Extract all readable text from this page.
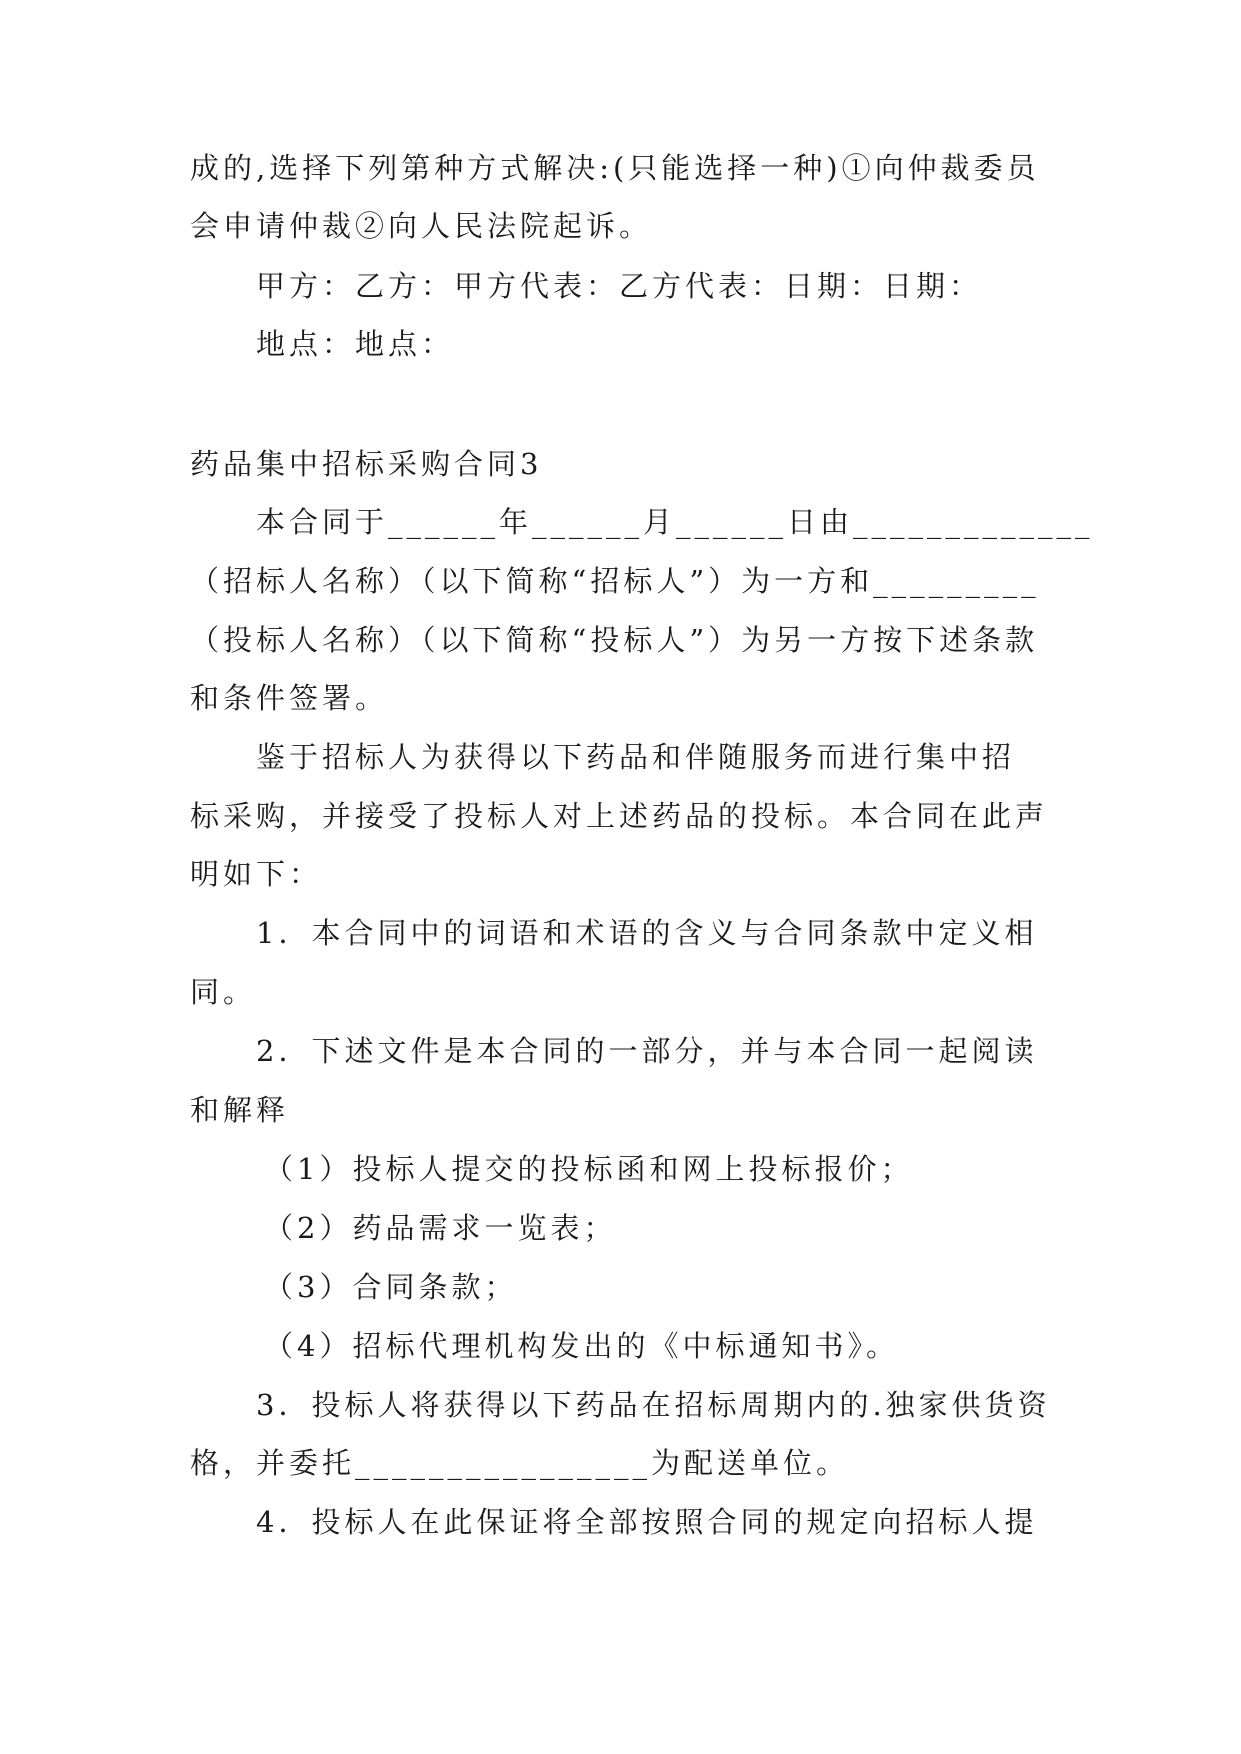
成的,选择下列第种方式解决:(只能选择一种)①向仲裁委员
会申请仲裁②向人民法院起诉。
甲方：乙方：甲方代表：乙方代表：日期：日期：
地点：地点：
药品集中招标采购合同3
本合同于______年______月______日由_____________
（招标人名称）（以下简称“招标人”）为一方和_________
（投标人名称）（以下简称“投标人”）为另一方按下述条款
和条件签署。
鉴于招标人为获得以下药品和伴随服务而进行集中招
标采购，并接受了投标人对上述药品的投标。本合同在此声
明如下：
1．本合同中的词语和术语的含义与合同条款中定义相
同。
2．下述文件是本合同的一部分，并与本合同一起阅读
和解释
（1）投标人提交的投标函和网上投标报价；
（2）药品需求一览表；
（3）合同条款；
（4）招标代理机构发出的《中标通知书》。
3．投标人将获得以下药品在招标周期内的.独家供货资
格，并委托________________为配送单位。
4．投标人在此保证将全部按照合同的规定向招标人提
